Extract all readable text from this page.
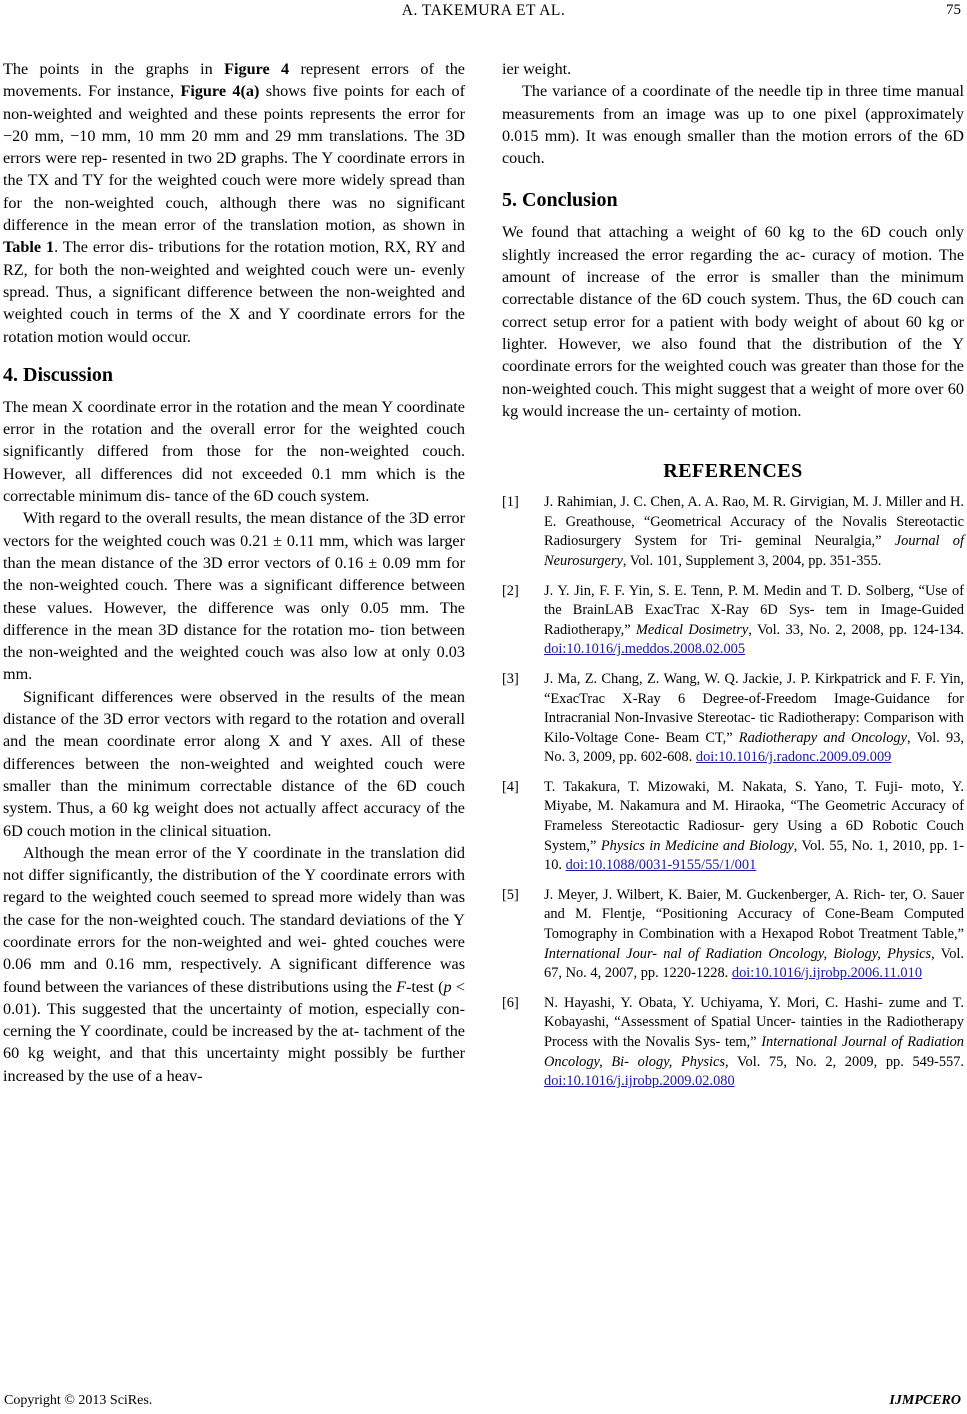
A. TAKEMURA ET AL.	75

The points in the graphs in Figure 4 represent errors of the movements. For instance, Figure 4(a) shows five points for each of non-weighted and weighted and these points represents the error for −20 mm, −10 mm, 10 mm 20 mm and 29 mm translations. The 3D errors were rep- resented in two 2D graphs. The Y coordinate errors in the TX and TY for the weighted couch were more widely spread than for the non-weighted couch, although there was no significant difference in the mean error of the translation motion, as shown in Table 1. The error dis- tributions for the rotation motion, RX, RY and RZ, for both the non-weighted and weighted couch were un- evenly spread. Thus, a significant difference between the non-weighted and weighted couch in terms of the X and Y coordinate errors for the rotation motion would occur.

4. Discussion

The mean X coordinate error in the rotation and the mean Y coordinate error in the rotation and the overall error for the weighted couch significantly differed from those for the non-weighted couch. However, all differences did not exceeded 0.1 mm which is the correctable minimum dis- tance of the 6D couch system.

With regard to the overall results, the mean distance of the 3D error vectors for the weighted couch was 0.21 ± 0.11 mm, which was larger than the mean distance of the 3D error vectors of 0.16 ± 0.09 mm for the non-weighted couch. There was a significant difference between these values. However, the difference was only 0.05 mm. The difference in the mean 3D distance for the rotation mo- tion between the non-weighted and the weighted couch was also low at only 0.03 mm.

Significant differences were observed in the results of the mean distance of the 3D error vectors with regard to the rotation and overall and the mean coordinate error along X and Y axes. All of these differences between the non-weighted and weighted couch were smaller than the minimum correctable distance of the 6D couch system. Thus, a 60 kg weight does not actually affect accuracy of the 6D couch motion in the clinical situation.

Although the mean error of the Y coordinate in the translation did not differ significantly, the distribution of the Y coordinate errors with regard to the weighted couch seemed to spread more widely than was the case for the non-weighted couch. The standard deviations of the Y coordinate errors for the non-weighted and wei- ghted couches were 0.06 mm and 0.16 mm, respectively. A significant difference was found between the variances of these distributions using the F-test (p < 0.01). This suggested that the uncertainty of motion, especially con- cerning the Y coordinate, could be increased by the at- tachment of the 60 kg weight, and that this uncertainty might possibly be further increased by the use of a heav-

ier weight.

The variance of a coordinate of the needle tip in three time manual measurements from an image was up to one pixel (approximately 0.015 mm). It was enough smaller than the motion errors of the 6D couch.

5. Conclusion

We found that attaching a weight of 60 kg to the 6D couch only slightly increased the error regarding the ac- curacy of motion. The amount of increase of the error is smaller than the minimum correctable distance of the 6D couch system. Thus, the 6D couch can correct setup error for a patient with body weight of about 60 kg or lighter. However, we also found that the distribution of the Y coordinate errors for the weighted couch was greater than those for the non-weighted couch. This might suggest that a weight of more over 60 kg would increase the un- certainty of motion.

REFERENCES
[1] J. Rahimian, J. C. Chen, A. A. Rao, M. R. Girvigian, M. J. Miller and H. E. Greathouse, “Geometrical Accuracy of the Novalis Stereotactic Radiosurgery System for Tri- geminal Neuralgia,” Journal of Neurosurgery, Vol. 101, Supplement 3, 2004, pp. 351-355.
[2] J. Y. Jin, F. F. Yin, S. E. Tenn, P. M. Medin and T. D. Solberg, “Use of the BrainLAB ExacTrac X-Ray 6D Sys- tem in Image-Guided Radiotherapy,” Medical Dosimetry, Vol. 33, No. 2, 2008, pp. 124-134. doi:10.1016/j.meddos.2008.02.005
[3] J. Ma, Z. Chang, Z. Wang, W. Q. Jackie, J. P. Kirkpatrick and F. F. Yin, “ExacTrac X-Ray 6 Degree-of-Freedom Image-Guidance for Intracranial Non-Invasive Stereotac- tic Radiotherapy: Comparison with Kilo-Voltage Cone- Beam CT,” Radiotherapy and Oncology, Vol. 93, No. 3, 2009, pp. 602-608. doi:10.1016/j.radonc.2009.09.009
[4] T. Takakura, T. Mizowaki, M. Nakata, S. Yano, T. Fuji- moto, Y. Miyabe, M. Nakamura and M. Hiraoka, “The Geometric Accuracy of Frameless Stereotactic Radiosur- gery Using a 6D Robotic Couch System,” Physics in Medicine and Biology, Vol. 55, No. 1, 2010, pp. 1-10. doi:10.1088/0031-9155/55/1/001
[5] J. Meyer, J. Wilbert, K. Baier, M. Guckenberger, A. Rich- ter, O. Sauer and M. Flentje, “Positioning Accuracy of Cone-Beam Computed Tomography in Combination with a Hexapod Robot Treatment Table,” International Jour- nal of Radiation Oncology, Biology, Physics, Vol. 67, No. 4, 2007, pp. 1220-1228. doi:10.1016/j.ijrobp.2006.11.010
[6] N. Hayashi, Y. Obata, Y. Uchiyama, Y. Mori, C. Hashi- zume and T. Kobayashi, “Assessment of Spatial Uncer- tainties in the Radiotherapy Process with the Novalis Sys- tem,” International Journal of Radiation Oncology, Bi- ology, Physics, Vol. 75, No. 2, 2009, pp. 549-557. doi:10.1016/j.ijrobp.2009.02.080
Copyright © 2013 SciRes.	IJMPCERO
